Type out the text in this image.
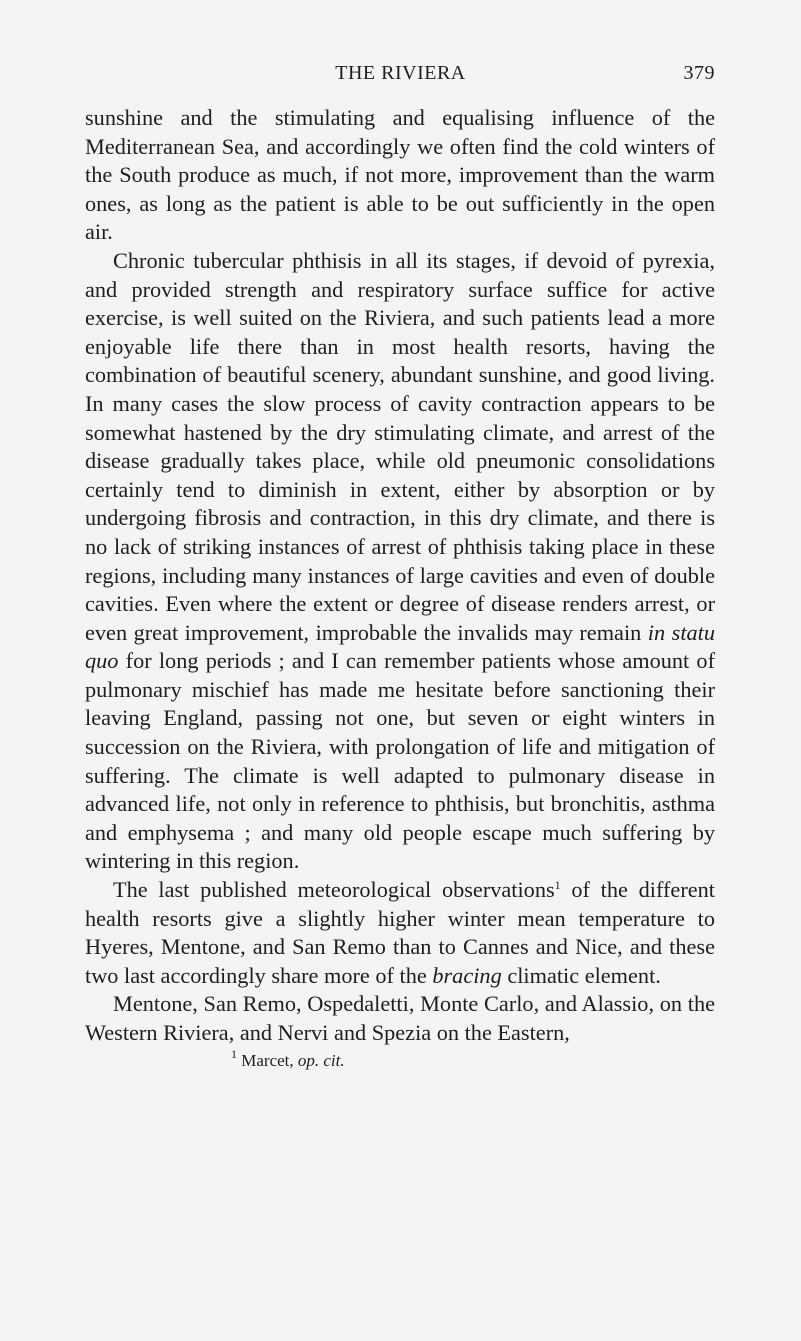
THE RIVIERA	379

sunshine and the stimulating and equalising influence of the Mediterranean Sea, and accordingly we often find the cold winters of the South produce as much, if not more, improvement than the warm ones, as long as the patient is able to be out sufficiently in the open air.

Chronic tubercular phthisis in all its stages, if devoid of pyrexia, and provided strength and respiratory surface suffice for active exercise, is well suited on the Riviera, and such patients lead a more enjoyable life there than in most health resorts, having the combination of beautiful scenery, abundant sunshine, and good living. In many cases the slow process of cavity contraction appears to be somewhat hastened by the dry stimulating climate, and arrest of the disease gradually takes place, while old pneumonic consolidations certainly tend to diminish in extent, either by absorption or by undergoing fibrosis and contraction, in this dry climate, and there is no lack of striking instances of arrest of phthisis taking place in these regions, including many instances of large cavities and even of double cavities. Even where the extent or degree of disease renders arrest, or even great improvement, improbable the invalids may remain in statu quo for long periods ; and I can remember patients whose amount of pulmonary mischief has made me hesitate before sanctioning their leaving England, passing not one, but seven or eight winters in succession on the Riviera, with prolongation of life and mitigation of suffering. The climate is well adapted to pulmonary disease in advanced life, not only in reference to phthisis, but bronchitis, asthma and emphysema ; and many old people escape much suffering by wintering in this region.

The last published meteorological observations$^1$ of the different health resorts give a slightly higher winter mean temperature to Hyeres, Mentone, and San Remo than to Cannes and Nice, and these two last accordingly share more of the bracing climatic element.

Mentone, San Remo, Ospedaletti, Monte Carlo, and Alassio, on the Western Riviera, and Nervi and Spezia on the Eastern,

$^1$ Marcet, op. cit.
